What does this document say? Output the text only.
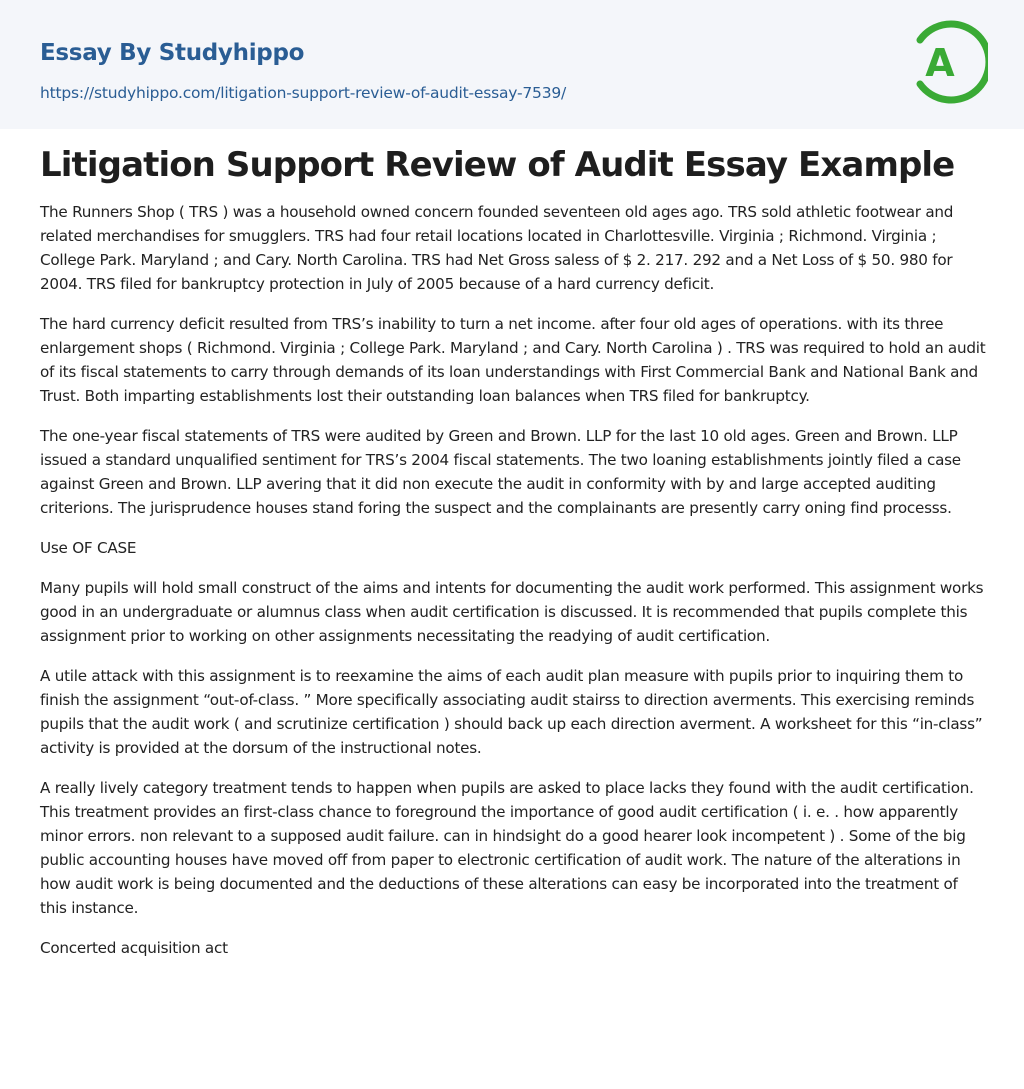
Essay By Studyhippo
https://studyhippo.com/litigation-support-review-of-audit-essay-7539/
A
Litigation Support Review of Audit Essay Example

The Runners Shop ( TRS ) was a household owned concern founded seventeen old ages ago. TRS sold athletic footwear and related merchandises for smugglers. TRS had four retail locations located in Charlottesville. Virginia ; Richmond. Virginia ; College Park. Maryland ; and Cary. North Carolina. TRS had Net Gross saless of $ 2. 217. 292 and a Net Loss of $ 50. 980 for 2004. TRS filed for bankruptcy protection in July of 2005 because of a hard currency deficit.

The hard currency deficit resulted from TRS’s inability to turn a net income. after four old ages of operations. with its three enlargement shops ( Richmond. Virginia ; College Park. Maryland ; and Cary. North Carolina ) . TRS was required to hold an audit of its fiscal statements to carry through demands of its loan understandings with First Commercial Bank and National Bank and Trust. Both imparting establishments lost their outstanding loan balances when TRS filed for bankruptcy.

The one-year fiscal statements of TRS were audited by Green and Brown. LLP for the last 10 old ages. Green and Brown. LLP issued a standard unqualified sentiment for TRS’s 2004 fiscal statements. The two loaning establishments jointly filed a case against Green and Brown. LLP avering that it did non execute the audit in conformity with by and large accepted auditing criterions. The jurisprudence houses stand foring the suspect and the complainants are presently carry oning find processs.

Use OF CASE

Many pupils will hold small construct of the aims and intents for documenting the audit work performed. This assignment works good in an undergraduate or alumnus class when audit certification is discussed. It is recommended that pupils complete this assignment prior to working on other assignments necessitating the readying of audit certification.

A utile attack with this assignment is to reexamine the aims of each audit plan measure with pupils prior to inquiring them to finish the assignment “out-of-class. ” More specifically associating audit stairss to direction averments. This exercising reminds pupils that the audit work ( and scrutinize certification ) should back up each direction averment. A worksheet for this “in-class” activity is provided at the dorsum of the instructional notes.

A really lively category treatment tends to happen when pupils are asked to place lacks they found with the audit certification. This treatment provides an first-class chance to foreground the importance of good audit certification ( i. e. . how apparently minor errors. non relevant to a supposed audit failure. can in hindsight do a good hearer look incompetent ) . Some of the big public accounting houses have moved off from paper to electronic certification of audit work. The nature of the alterations in how audit work is being documented and the deductions of these alterations can easy be incorporated into the treatment of this instance.

Concerted acquisition act
